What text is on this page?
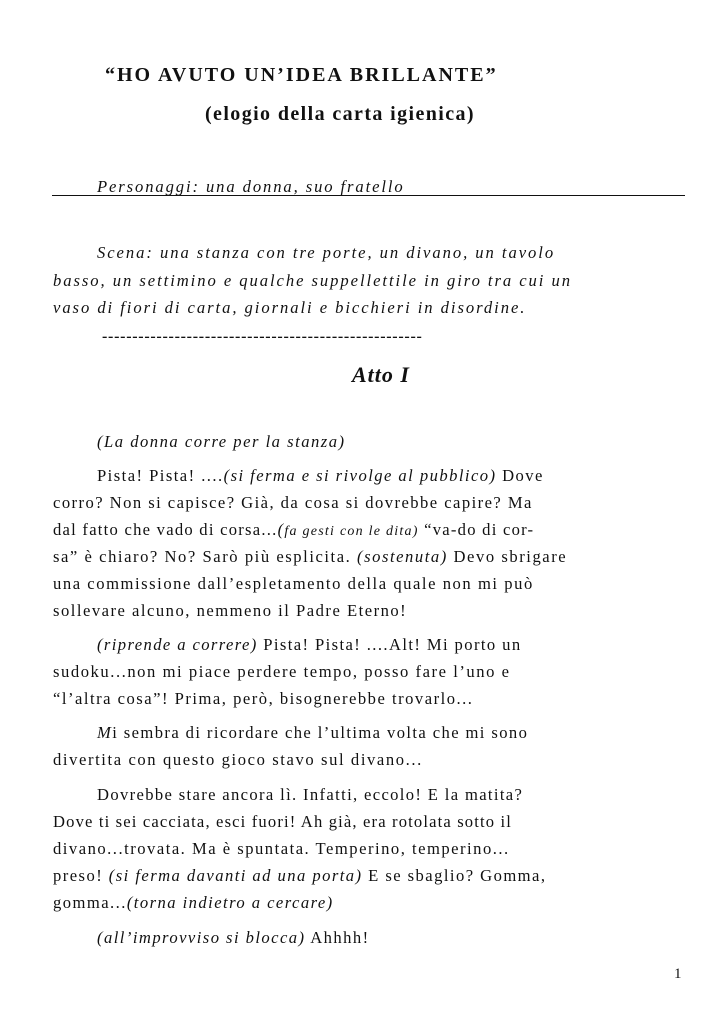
“HO AVUTO UN’IDEA BRILLANTE”
(elogio della carta igienica)
Personaggi: una donna, suo fratello
Scena: una stanza con tre porte, un divano, un tavolo
basso, un settimino e qualche suppellettile in giro tra cui un
vaso di fiori di carta, giornali e bicchieri in disordine.
-----------------------------------------------------
Atto I
(La donna corre per la stanza)
Pista! Pista! ....(si ferma e si rivolge al pubblico) Dove
corro? Non si capisce? Già, da cosa si dovrebbe capire? Ma
dal fatto che vado di corsa...(fa gesti con le dita) “va-do di cor-
sa” è chiaro? No? Sarò più esplicita. (sostenuta) Devo sbrigare
una commissione dall’espletamento della quale non mi può
sollevare alcuno, nemmeno il Padre Eterno!
(riprende a correre) Pista! Pista! ....Alt! Mi porto un
sudoku...non mi piace perdere tempo, posso fare l’uno e
“l’altra cosa”! Prima, però, bisognerebbe trovarlo...
Mi sembra di ricordare che l’ultima volta che mi sono
divertita con questo gioco stavo sul divano...
Dovrebbe stare ancora lì. Infatti, eccolo! E la matita?
Dove ti sei cacciata, esci fuori! Ah già, era rotolata sotto il
divano...trovata. Ma è spuntata. Temperino, temperino...
preso! (si ferma davanti ad una porta) E se sbaglio? Gomma,
gomma...(torna indietro a cercare)
(all’improvviso si blocca) Ahhhh!
1
